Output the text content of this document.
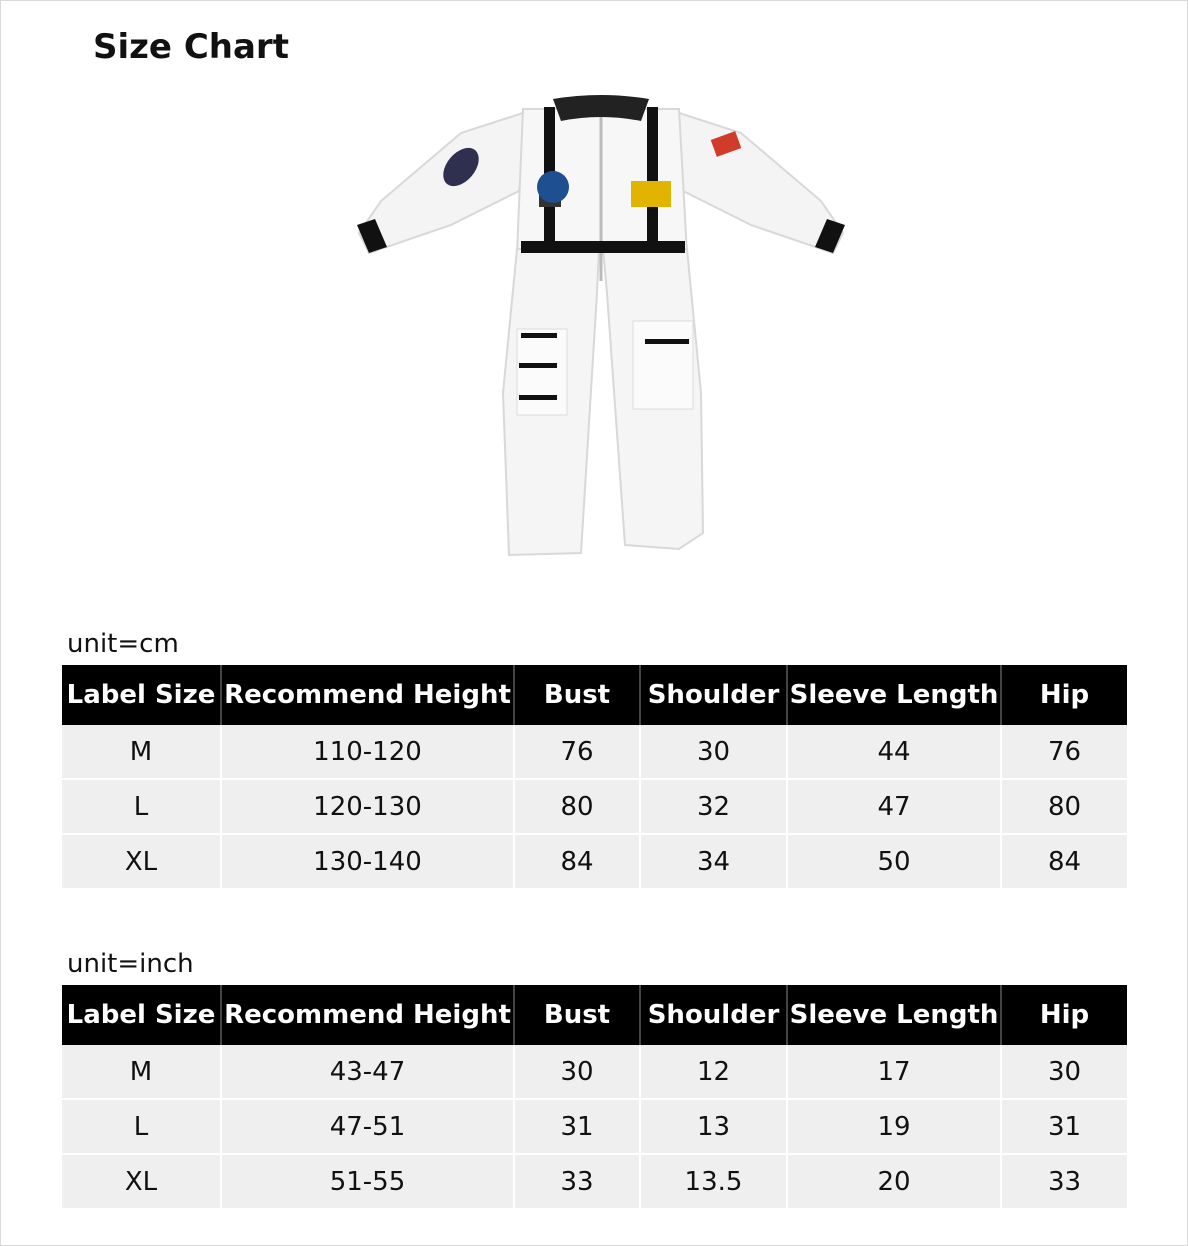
Size Chart
unit=cm
Label Size	Recommend Height	Bust	Shoulder	Sleeve Length	Hip
M	110-120	76	30	44	76
L	120-130	80	32	47	80
XL	130-140	84	34	50	84
unit=inch
Label Size	Recommend Height	Bust	Shoulder	Sleeve Length	Hip
M	43-47	30	12	17	30
L	47-51	31	13	19	31
XL	51-55	33	13.5	20	33
